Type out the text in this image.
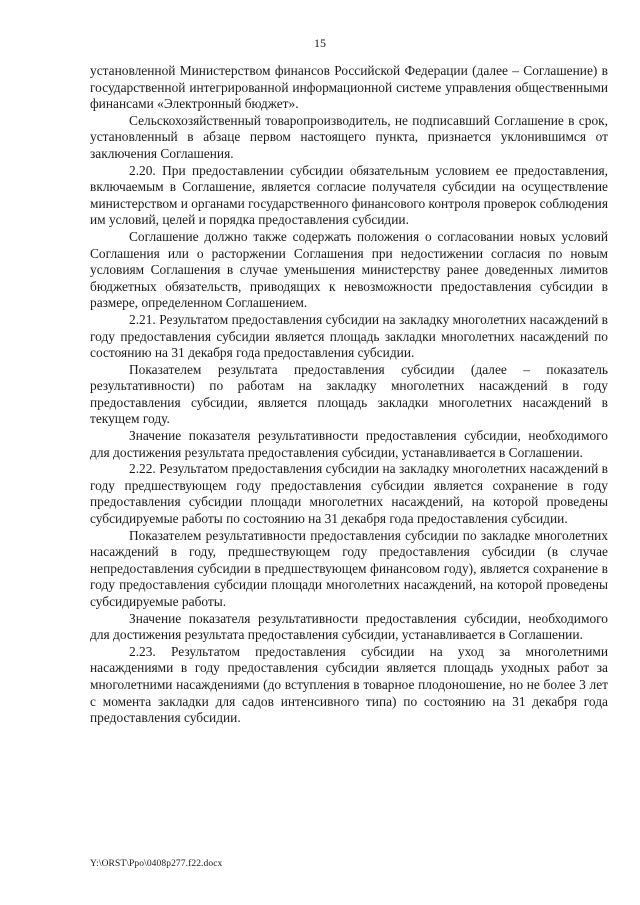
15

установленной Министерством финансов Российской Федерации (далее – Соглашение) в государственной интегрированной информационной системе управления общественными финансами «Электронный бюджет».

Сельскохозяйственный товаропроизводитель, не подписавший Соглашение в срок, установленный в абзаце первом настоящего пункта, признается уклонившимся от заключения Соглашения.

2.20. При предоставлении субсидии обязательным условием ее предоставления, включаемым в Соглашение, является согласие получателя субсидии на осуществление министерством и органами государственного финансового контроля проверок соблюдения им условий, целей и порядка предоставления субсидии.

Соглашение должно также содержать положения о согласовании новых условий Соглашения или о расторжении Соглашения при недостижении согласия по новым условиям Соглашения в случае уменьшения министерству ранее доведенных лимитов бюджетных обязательств, приводящих к невозможности предоставления субсидии в размере, определенном Соглашением.

2.21. Результатом предоставления субсидии на закладку многолетних насаждений в году предоставления субсидии является площадь закладки многолетних насаждений по состоянию на 31 декабря года предоставления субсидии.

Показателем результата предоставления субсидии (далее – показатель результативности) по работам на закладку многолетних насаждений в году предоставления субсидии, является площадь закладки многолетних насаждений в текущем году.

Значение показателя результативности предоставления субсидии, необходимого для достижения результата предоставления субсидии, устанавливается в Соглашении.

2.22. Результатом предоставления субсидии на закладку многолетних насаждений в году предшествующем году предоставления субсидии является сохранение в году предоставления субсидии площади многолетних насаждений, на которой проведены субсидируемые работы по состоянию на 31 декабря года предоставления субсидии.

Показателем результативности предоставления субсидии по закладке многолетних насаждений в году, предшествующем году предоставления субсидии (в случае непредоставления субсидии в предшествующем финансовом году), является сохранение в году предоставления субсидии площади многолетних насаждений, на которой проведены субсидируемые работы.

Значение показателя результативности предоставления субсидии, необходимого для достижения результата предоставления субсидии, устанавливается в Соглашении.

2.23. Результатом предоставления субсидии на уход за многолетними насаждениями в году предоставления субсидии является площадь уходных работ за многолетними насаждениями (до вступления в товарное плодоношение, но не более 3 лет с момента закладки для садов интенсивного типа) по состоянию на 31 декабря года предоставления субсидии.

Y:\ORST\Ppo\0408p277.f22.docx
